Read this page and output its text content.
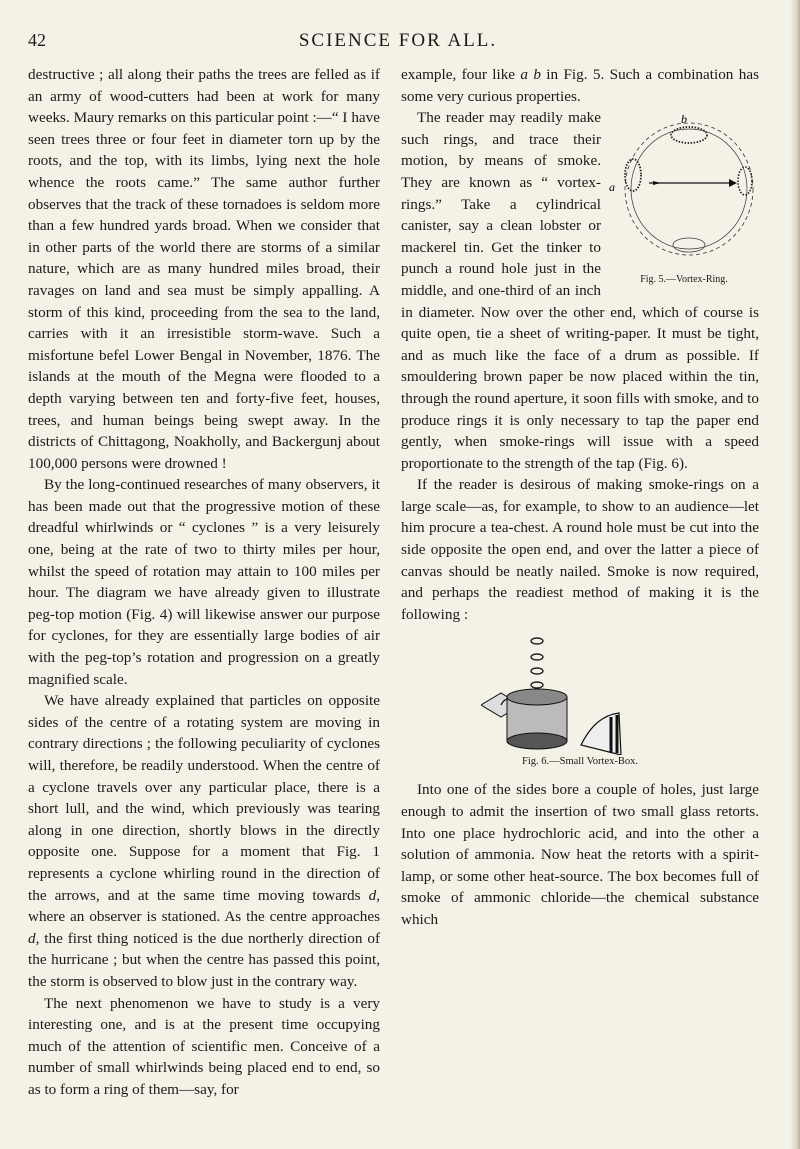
42	SCIENCE FOR ALL.

destructive ; all along their paths the trees are felled as if an army of wood-cutters had been at work for many weeks. Maury remarks on this particular point :—“ I have seen trees three or four feet in diameter torn up by the roots, and the top, with its limbs, lying next the hole whence the roots came.” The same author further observes that the track of these tornadoes is seldom more than a few hundred yards broad. When we consider that in other parts of the world there are storms of a similar nature, which are as many hundred miles broad, their ravages on land and sea must be simply appalling. A storm of this kind, proceeding from the sea to the land, carries with it an irresistible storm-wave. Such a misfortune befel Lower Bengal in November, 1876. The islands at the mouth of the Megna were flooded to a depth varying between ten and forty-five feet, houses, trees, and human beings being swept away. In the districts of Chittagong, Noakholly, and Backergunj about 100,000 persons were drowned !

By the long-continued researches of many observers, it has been made out that the progressive motion of these dreadful whirlwinds or “ cyclones ” is a very leisurely one, being at the rate of two to thirty miles per hour, whilst the speed of rotation may attain to 100 miles per hour. The diagram we have already given to illustrate peg-top motion (Fig. 4) will likewise answer our purpose for cyclones, for they are essentially large bodies of air with the peg-top’s rotation and progression on a greatly magnified scale.

We have already explained that particles on opposite sides of the centre of a rotating system are moving in contrary directions ; the following peculiarity of cyclones will, therefore, be readily understood. When the centre of a cyclone travels over any particular place, there is a short lull, and the wind, which previously was tearing along in one direction, shortly blows in the directly opposite one. Suppose for a moment that Fig. 1 represents a cyclone whirling round in the direction of the arrows, and at the same time moving towards d, where an observer is stationed. As the centre approaches d, the first thing noticed is the due northerly direction of the hurricane ; but when the centre has passed this point, the storm is observed to blow just in the contrary way.

The next phenomenon we have to study is a very interesting one, and is at the present time occupying much of the attention of scientific men. Conceive of a number of small whirlwinds being placed end to end, so as to form a ring of them—say, for

example, four like a b in Fig. 5. Such a combination has some very curious properties.

b
a
Fig. 5.—Vortex-Ring.

The reader may readily make such rings, and trace their motion, by means of smoke. They are known as “ vortex-rings.” Take a cylindrical canister, say a clean lobster or mackerel tin. Get the tinker to punch a round hole just in the middle, and one-third of an inch in diameter. Now over the other end, which of course is quite open, tie a sheet of writing-paper. It must be tight, and as much like the face of a drum as possible. If smouldering brown paper be now placed within the tin, through the round aperture, it soon fills with smoke, and to produce rings it is only necessary to tap the paper end gently, when smoke-rings will issue with a speed proportionate to the strength of the tap (Fig. 6).

If the reader is desirous of making smoke-rings on a large scale—as, for example, to show to an audience—let him procure a tea-chest. A round hole must be cut into the side opposite the open end, and over the latter a piece of canvas should be neatly nailed. Smoke is now required, and perhaps the readiest method of making it is the following :

Fig. 6.—Small Vortex-Box.

Into one of the sides bore a couple of holes, just large enough to admit the insertion of two small glass retorts. Into one place hydrochloric acid, and into the other a solution of ammonia. Now heat the retorts with a spirit-lamp, or some other heat-source. The box becomes full of smoke of ammonic chloride—the chemical substance which
